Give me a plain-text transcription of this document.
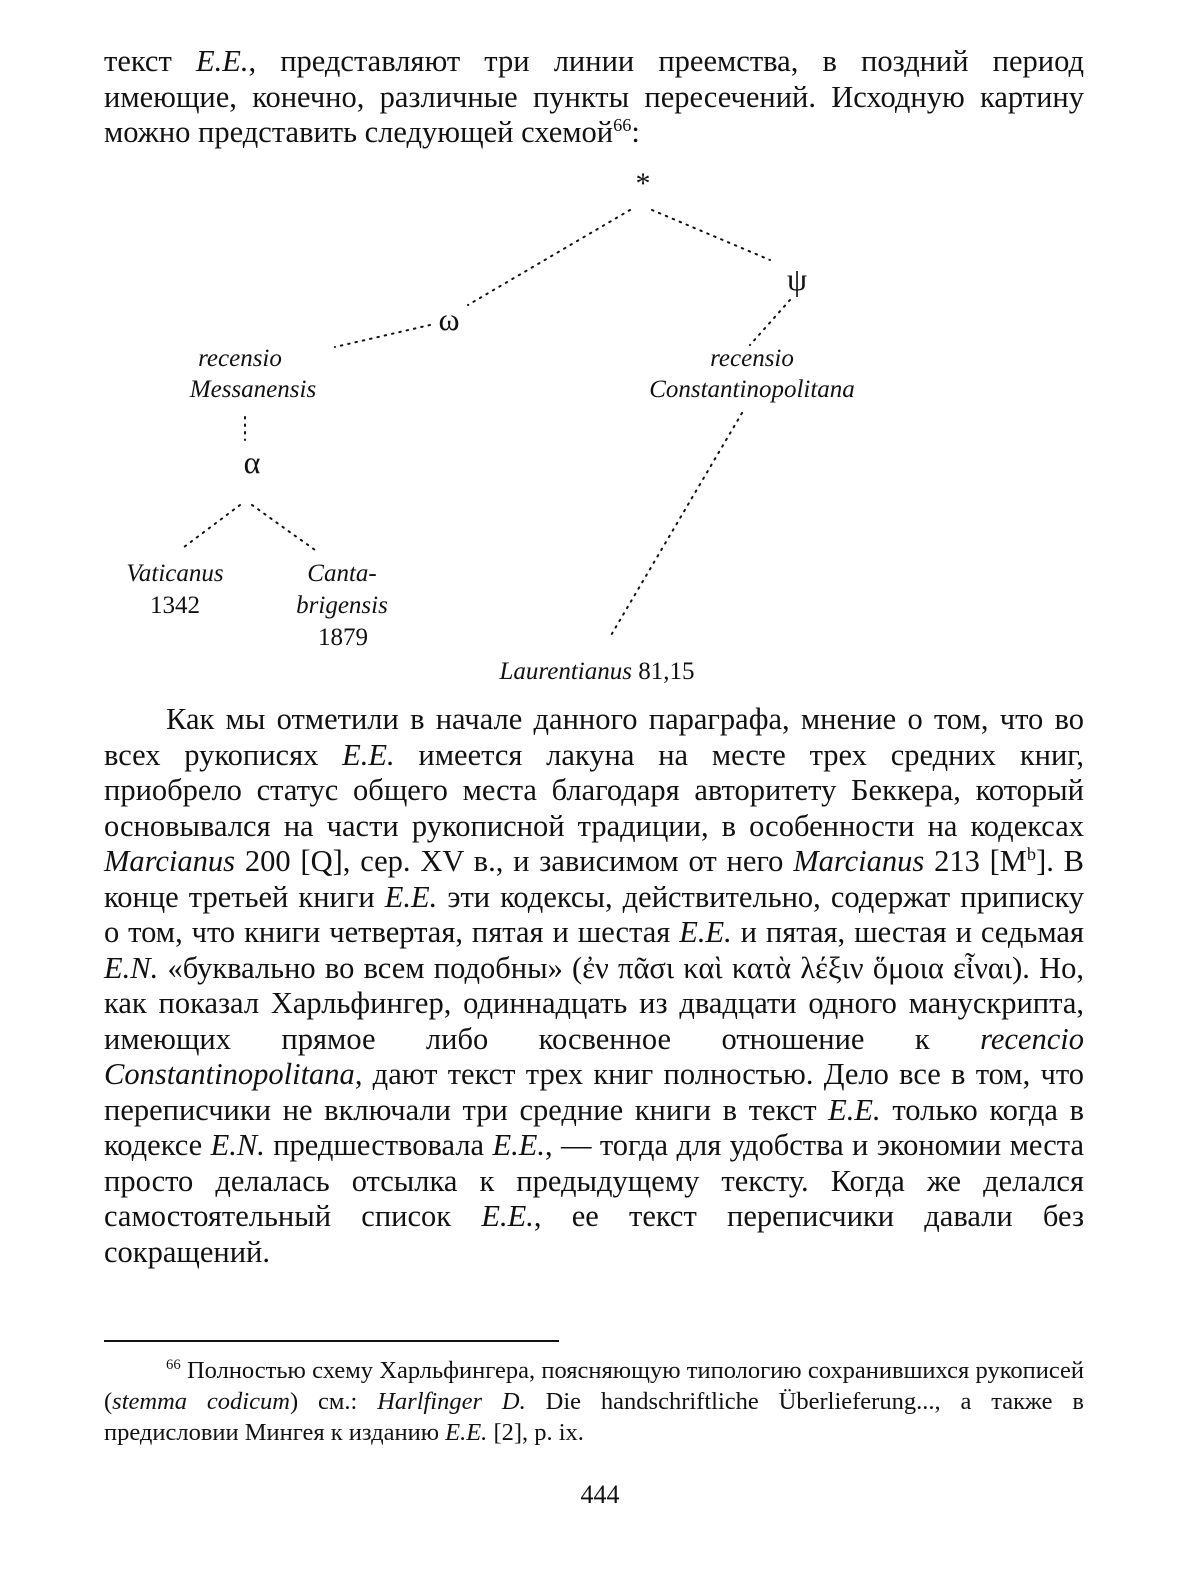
текст E.E., представляют три линии преемства, в поздний период имеющие, конечно, различные пункты пересечений. Исходную картину можно представить следующей схемой$^{66}$:

*
ω
ψ
recensio
Messanensis
recensio
Constantinopolitana
α
Vaticanus
1342
Canta-
brigensis
1879
Laurentianus 81,15

Как мы отметили в начале данного параграфа, мнение о том, что во всех рукописях E.E. имеется лакуна на месте трех средних книг, приобрело статус общего места благодаря авторитету Беккера, который основывался на части рукописной традиции, в особенности на кодексах Marcianus 200 [Q], сер. XV в., и зависимом от него Marcianus 213 $[M^b]$. В конце третьей книги E.E. эти кодексы, действительно, содержат приписку о том, что книги четвертая, пятая и шестая E.E. и пятая, шестая и седьмая E.N. «буквально во всем подобны» (ἐν πᾶσι καὶ κατὰ λέξιν ὅμοια εἶναι). Но, как показал Харльфингер, одиннадцать из двадцати одного манускрипта, имеющих прямое либо косвенное отношение к recencio Constantinopolitana, дают текст трех книг полностью. Дело все в том, что переписчики не включали три средние книги в текст E.E. только когда в кодексе E.N. предшествовала E.E., — тогда для удобства и экономии места просто делалась отсылка к предыдущему тексту. Когда же делался самостоятельный список E.E., ее текст переписчики давали без сокращений.

$^{66}$ Полностью схему Харльфингера, поясняющую типологию сохранившихся рукописей (stemma codicum) см.: Harlfinger D. Die handschriftliche Überlieferung..., а также в предисловии Мингея к изданию E.E. [2], p. ix.

444
